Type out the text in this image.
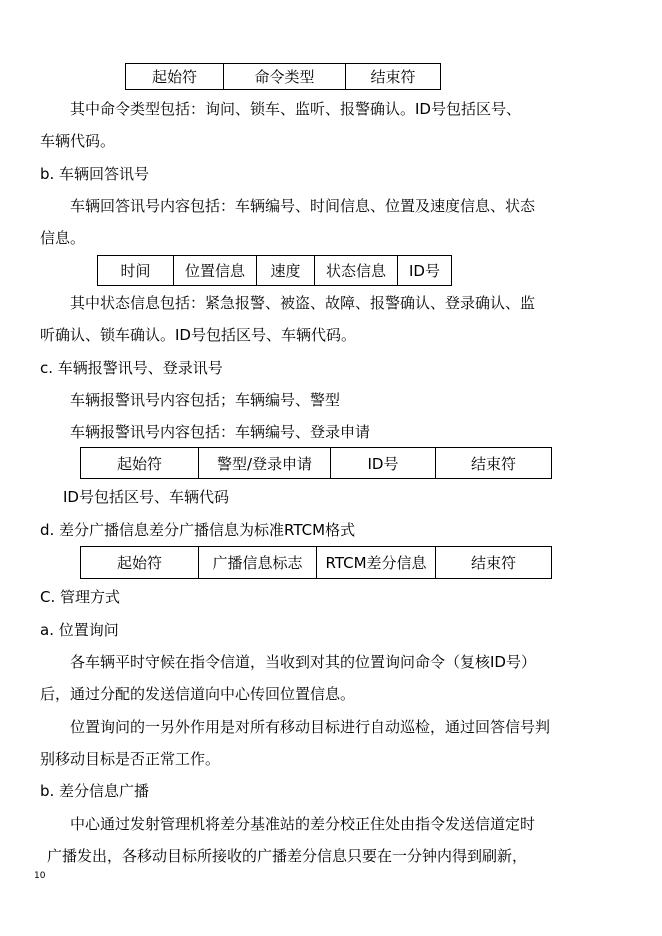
起始符	命令类型	结束符
其中命令类型包括：询问、锁车、监听、报警确认。ID号包括区号、
车辆代码。
b. 车辆回答讯号
车辆回答讯号内容包括：车辆编号、时间信息、位置及速度信息、状态
信息。
时间	位置信息	速度	状态信息	ID号
其中状态信息包括：紧急报警、被盗、故障、报警确认、登录确认、监
听确认、锁车确认。ID号包括区号、车辆代码。
c. 车辆报警讯号、登录讯号
车辆报警讯号内容包括；车辆编号、警型
车辆报警讯号内容包括：车辆编号、登录申请
起始符	警型/登录申请	ID号	结束符
ID号包括区号、车辆代码
d. 差分广播信息差分广播信息为标准RTCM格式
起始符	广播信息标志	RTCM差分信息	结束符
C. 管理方式
a. 位置询问
各车辆平时守候在指令信道，当收到对其的位置询问命令（复核ID号）
后，通过分配的发送信道向中心传回位置信息。
位置询问的一另外作用是对所有移动目标进行自动巡检，通过回答信号判
别移动目标是否正常工作。
b. 差分信息广播
中心通过发射管理机将差分基准站的差分校正住处由指令发送信道定时
广播发出，各移动目标所接收的广播差分信息只要在一分钟内得到刷新，
10
